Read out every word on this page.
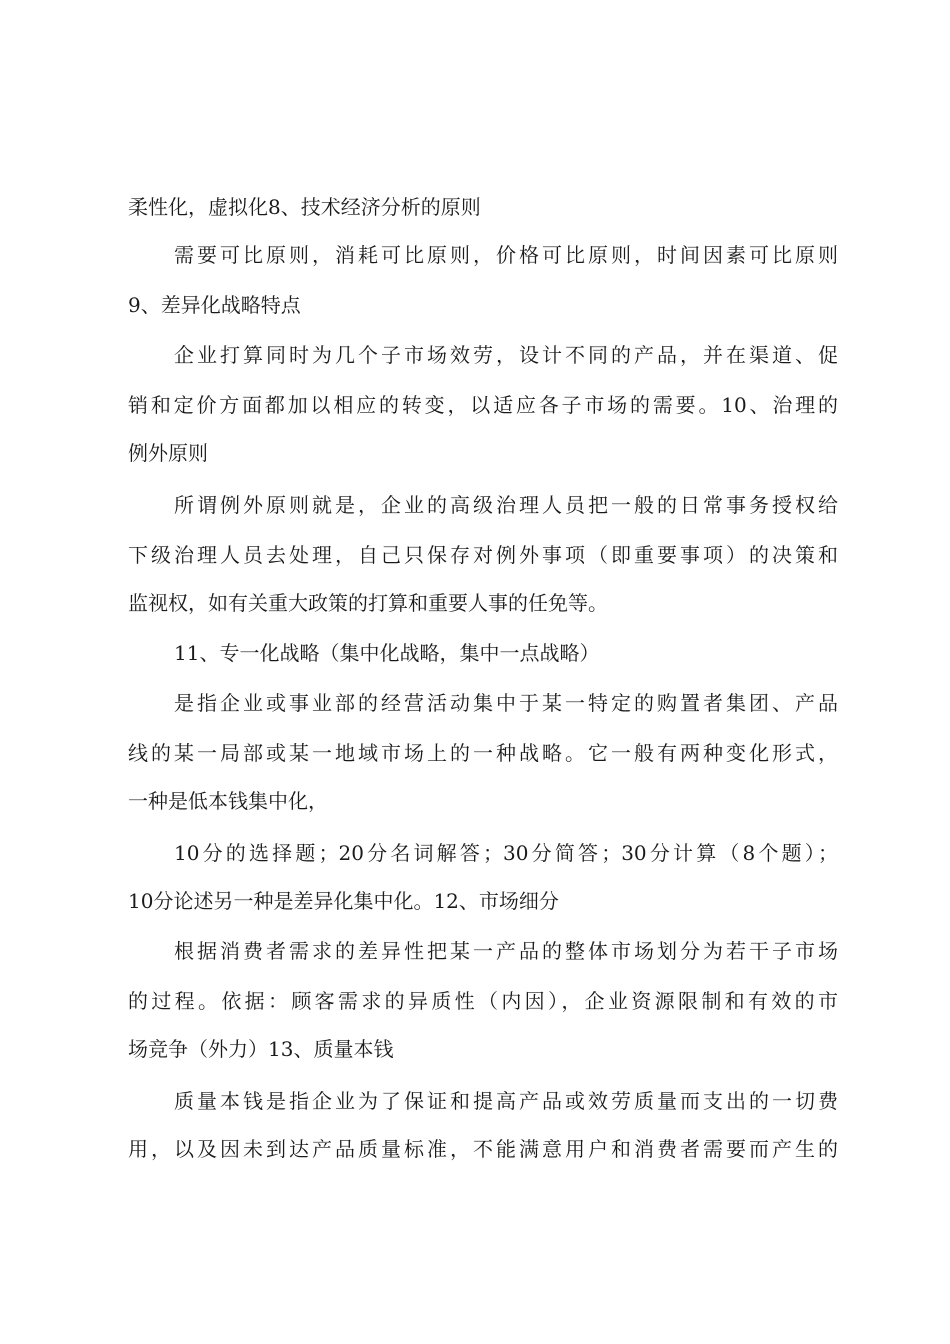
柔性化，虚拟化8、技术经济分析的原则
需要可比原则，消耗可比原则，价格可比原则，时间因素可比原则
9、差异化战略特点
企业打算同时为几个子市场效劳，设计不同的产品，并在渠道、促
销和定价方面都加以相应的转变，以适应各子市场的需要。10、治理的
例外原则
所谓例外原则就是，企业的高级治理人员把一般的日常事务授权给
下级治理人员去处理，自己只保存对例外事项（即重要事项）的决策和
监视权，如有关重大政策的打算和重要人事的任免等。
11、专一化战略（集中化战略，集中一点战略）
是指企业或事业部的经营活动集中于某一特定的购置者集团、产品
线的某一局部或某一地域市场上的一种战略。它一般有两种变化形式，
一种是低本钱集中化，
10分的选择题；20分名词解答；30分简答；30分计算（8个题）；
10分论述另一种是差异化集中化。12、市场细分
根据消费者需求的差异性把某一产品的整体市场划分为若干子市场
的过程。依据：顾客需求的异质性（内因），企业资源限制和有效的市
场竞争（外力）13、质量本钱
质量本钱是指企业为了保证和提高产品或效劳质量而支出的一切费
用，以及因未到达产品质量标准，不能满意用户和消费者需要而产生的
